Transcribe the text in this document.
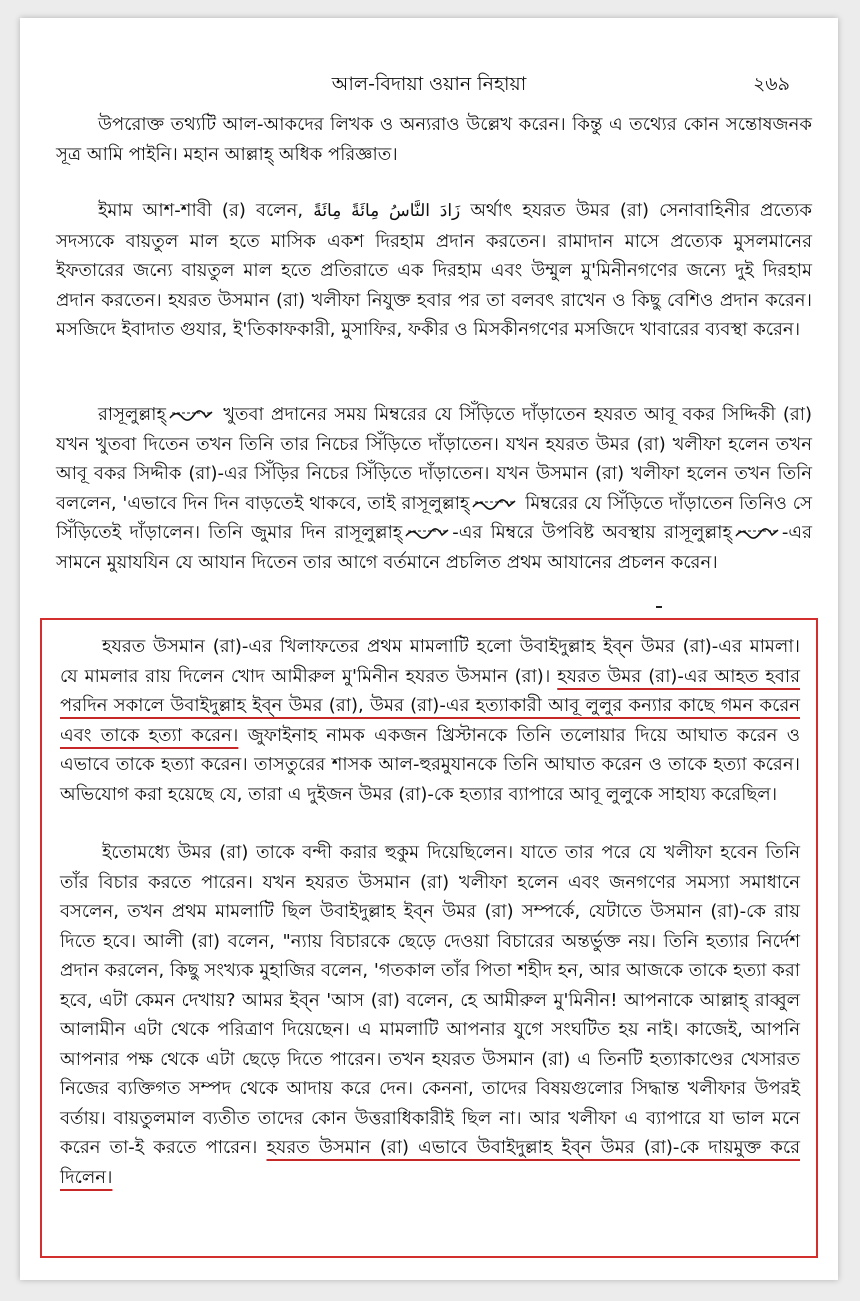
আল-বিদায়া ওয়ান নিহায়া	২৬৯

উপরোক্ত তথ্যটি আল-আকদের লিখক ও অন্যরাও উল্লেখ করেন। কিন্তু এ তথ্যের কোন সন্তোষজনক সূত্র আমি পাইনি। মহান আল্লাহ্ অধিক পরিজ্ঞাত।

ইমাম আশ-শাবী (র) বলেন, زَادَ النَّاسُ مِائَةً مِائَةً অর্থাৎ হযরত উমর (রা) সেনাবাহিনীর প্রত্যেক সদস্যকে বায়তুল মাল হতে মাসিক একশ দিরহাম প্রদান করতেন। রামাদান মাসে প্রত্যেক মুসলমানের ইফতারের জন্যে বায়তুল মাল হতে প্রতিরাতে এক দিরহাম এবং উম্মুল মু'মিনীনগণের জন্যে দুই দিরহাম প্রদান করতেন। হযরত উসমান (রা) খলীফা নিযুক্ত হবার পর তা বলবৎ রাখেন ও কিছু বেশিও প্রদান করেন। মসজিদে ইবাদাত গুযার, ই'তিকাফকারী, মুসাফির, ফকীর ও মিসকীনগণের মসজিদে খাবারের ব্যবস্থা করেন।

রাসূলুল্লাহ্	খুতবা প্রদানের সময় মিম্বরের যে সিঁড়িতে দাঁড়াতেন হযরত আবূ বকর সিদ্দিকী (রা) যখন খুতবা দিতেন তখন তিনি তার নিচের সিঁড়িতে দাঁড়াতেন। যখন হযরত উমর (রা) খলীফা হলেন তখন আবূ বকর সিদ্দীক (রা)-এর সিঁড়ির নিচের সিঁড়িতে দাঁড়াতেন। যখন উসমান (রা) খলীফা হলেন তখন তিনি বললেন, 'এভাবে দিন দিন বাড়তেই থাকবে, তাই রাসূলুল্লাহ্	মিম্বরের যে সিঁড়িতে দাঁড়াতেন তিনিও সে সিঁড়িতেই দাঁড়ালেন। তিনি জুমার দিন রাসূলুল্লাহ্	-এর মিম্বরে উপবিষ্ট অবস্থায় রাসূলুল্লাহ্	-এর সামনে মুয়াযযিন যে আযান দিতেন তার আগে বর্তমানে প্রচলিত প্রথম আযানের প্রচলন করেন।

হযরত উসমান (রা)-এর খিলাফতের প্রথম মামলাটি হলো উবাইদুল্লাহ ইব্ন উমর (রা)-এর মামলা। যে মামলার রায় দিলেন খোদ আমীরুল মু'মিনীন হযরত উসমান (রা)। হযরত উমর (রা)-এর আহত হবার পরদিন সকালে উবাইদুল্লাহ ইব্ন উমর (রা), উমর (রা)-এর হত্যাকারী আবূ লুলুর কন্যার কাছে গমন করেন এবং তাকে হত্যা করেন। জুফাইনাহ নামক একজন খ্রিস্টানকে তিনি তলোয়ার দিয়ে আঘাত করেন ও এভাবে তাকে হত্যা করেন। তাসতুরের শাসক আল-হুরমুযানকে তিনি আঘাত করেন ও তাকে হত্যা করেন। অভিযোগ করা হয়েছে যে, তারা এ দুইজন উমর (রা)-কে হত্যার ব্যাপারে আবূ লুলুকে সাহায্য করেছিল।

ইতোমধ্যে উমর (রা) তাকে বন্দী করার হুকুম দিয়েছিলেন। যাতে তার পরে যে খলীফা হবেন তিনি তাঁর বিচার করতে পারেন। যখন হযরত উসমান (রা) খলীফা হলেন এবং জনগণের সমস্যা সমাধানে বসলেন, তখন প্রথম মামলাটি ছিল উবাইদুল্লাহ ইব্ন উমর (রা) সম্পর্কে, যেটাতে উসমান (রা)-কে রায় দিতে হবে। আলী (রা) বলেন, "ন্যায় বিচারকে ছেড়ে দেওয়া বিচারের অন্তর্ভুক্ত নয়। তিনি হত্যার নির্দেশ প্রদান করলেন, কিছু সংখ্যক মুহাজির বলেন, 'গতকাল তাঁর পিতা শহীদ হন, আর আজকে তাকে হত্যা করা হবে, এটা কেমন দেখায়? আমর ইব্ন 'আস (রা) বলেন, হে আমীরুল মু'মিনীন! আপনাকে আল্লাহ্ রাব্বুল আলামীন এটা থেকে পরিত্রাণ দিয়েছেন। এ মামলাটি আপনার যুগে সংঘটিত হয় নাই। কাজেই, আপনি আপনার পক্ষ থেকে এটা ছেড়ে দিতে পারেন। তখন হযরত উসমান (রা) এ তিনটি হত্যাকাণ্ডের খেসারত নিজের ব্যক্তিগত সম্পদ থেকে আদায় করে দেন। কেননা, তাদের বিষয়গুলোর সিদ্ধান্ত খলীফার উপরই বর্তায়। বায়তুলমাল ব্যতীত তাদের কোন উত্তরাধিকারীই ছিল না। আর খলীফা এ ব্যাপারে যা ভাল মনে করেন তা-ই করতে পারেন। হযরত উসমান (রা) এভাবে উবাইদুল্লাহ ইব্ন উমর (রা)-কে দায়মুক্ত করে দিলেন।
